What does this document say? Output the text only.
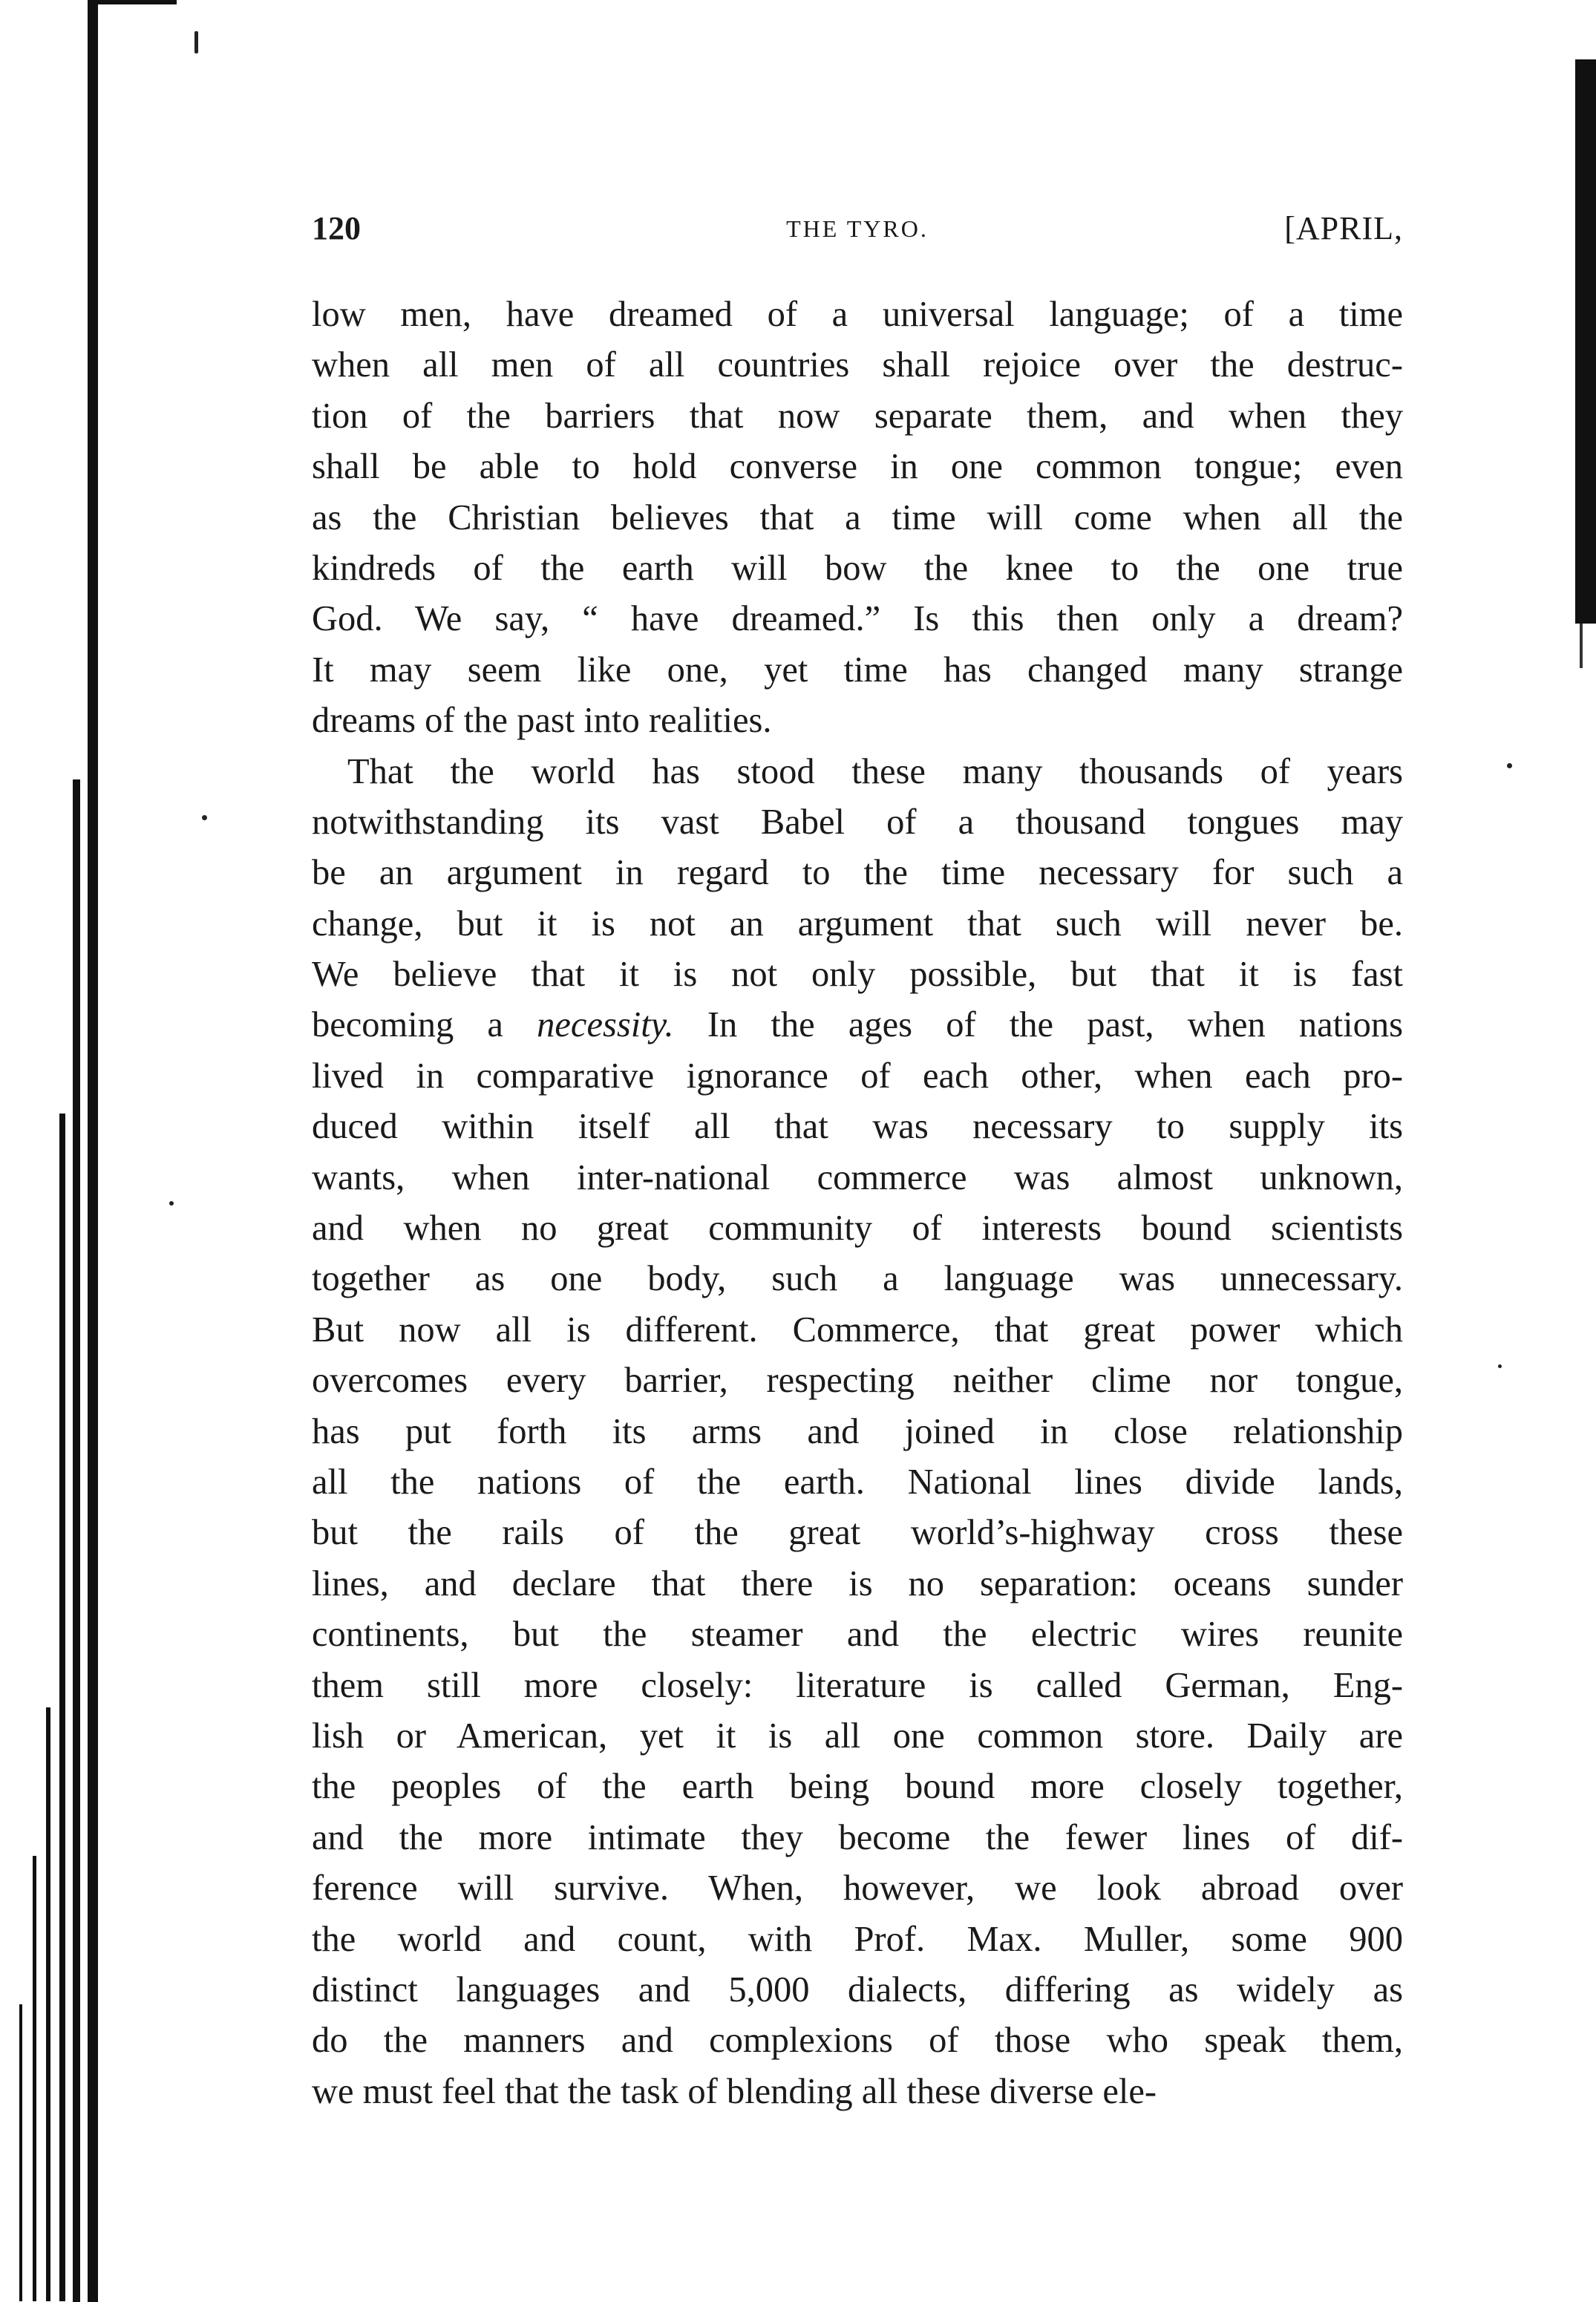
120	THE TYRO.	[APRIL,
low men, have dreamed of a universal language; of a time
when all men of all countries shall rejoice over the destruc-
tion of the barriers that now separate them, and when they
shall be able to hold converse in one common tongue; even
as the Christian believes that a time will come when all the
kindreds of the earth will bow the knee to the one true
God. We say, “ have dreamed.” Is this then only a dream?
It may seem like one, yet time has changed many strange
dreams of the past into realities.
That the world has stood these many thousands of years
notwithstanding its vast Babel of a thousand tongues may
be an argument in regard to the time necessary for such a
change, but it is not an argument that such will never be.
We believe that it is not only possible, but that it is fast
becoming a necessity. In the ages of the past, when nations
lived in comparative ignorance of each other, when each pro-
duced within itself all that was necessary to supply its
wants, when inter-national commerce was almost unknown,
and when no great community of interests bound scientists
together as one body, such a language was unnecessary.
But now all is different. Commerce, that great power which
overcomes every barrier, respecting neither clime nor tongue,
has put forth its arms and joined in close relationship
all the nations of the earth. National lines divide lands,
but the rails of the great world’s-highway cross these
lines, and declare that there is no separation: oceans sunder
continents, but the steamer and the electric wires reunite
them still more closely: literature is called German, Eng-
lish or American, yet it is all one common store. Daily are
the peoples of the earth being bound more closely together,
and the more intimate they become the fewer lines of dif-
ference will survive. When, however, we look abroad over
the world and count, with Prof. Max. Muller, some 900
distinct languages and 5,000 dialects, differing as widely as
do the manners and complexions of those who speak them,
we must feel that the task of blending all these diverse ele-
